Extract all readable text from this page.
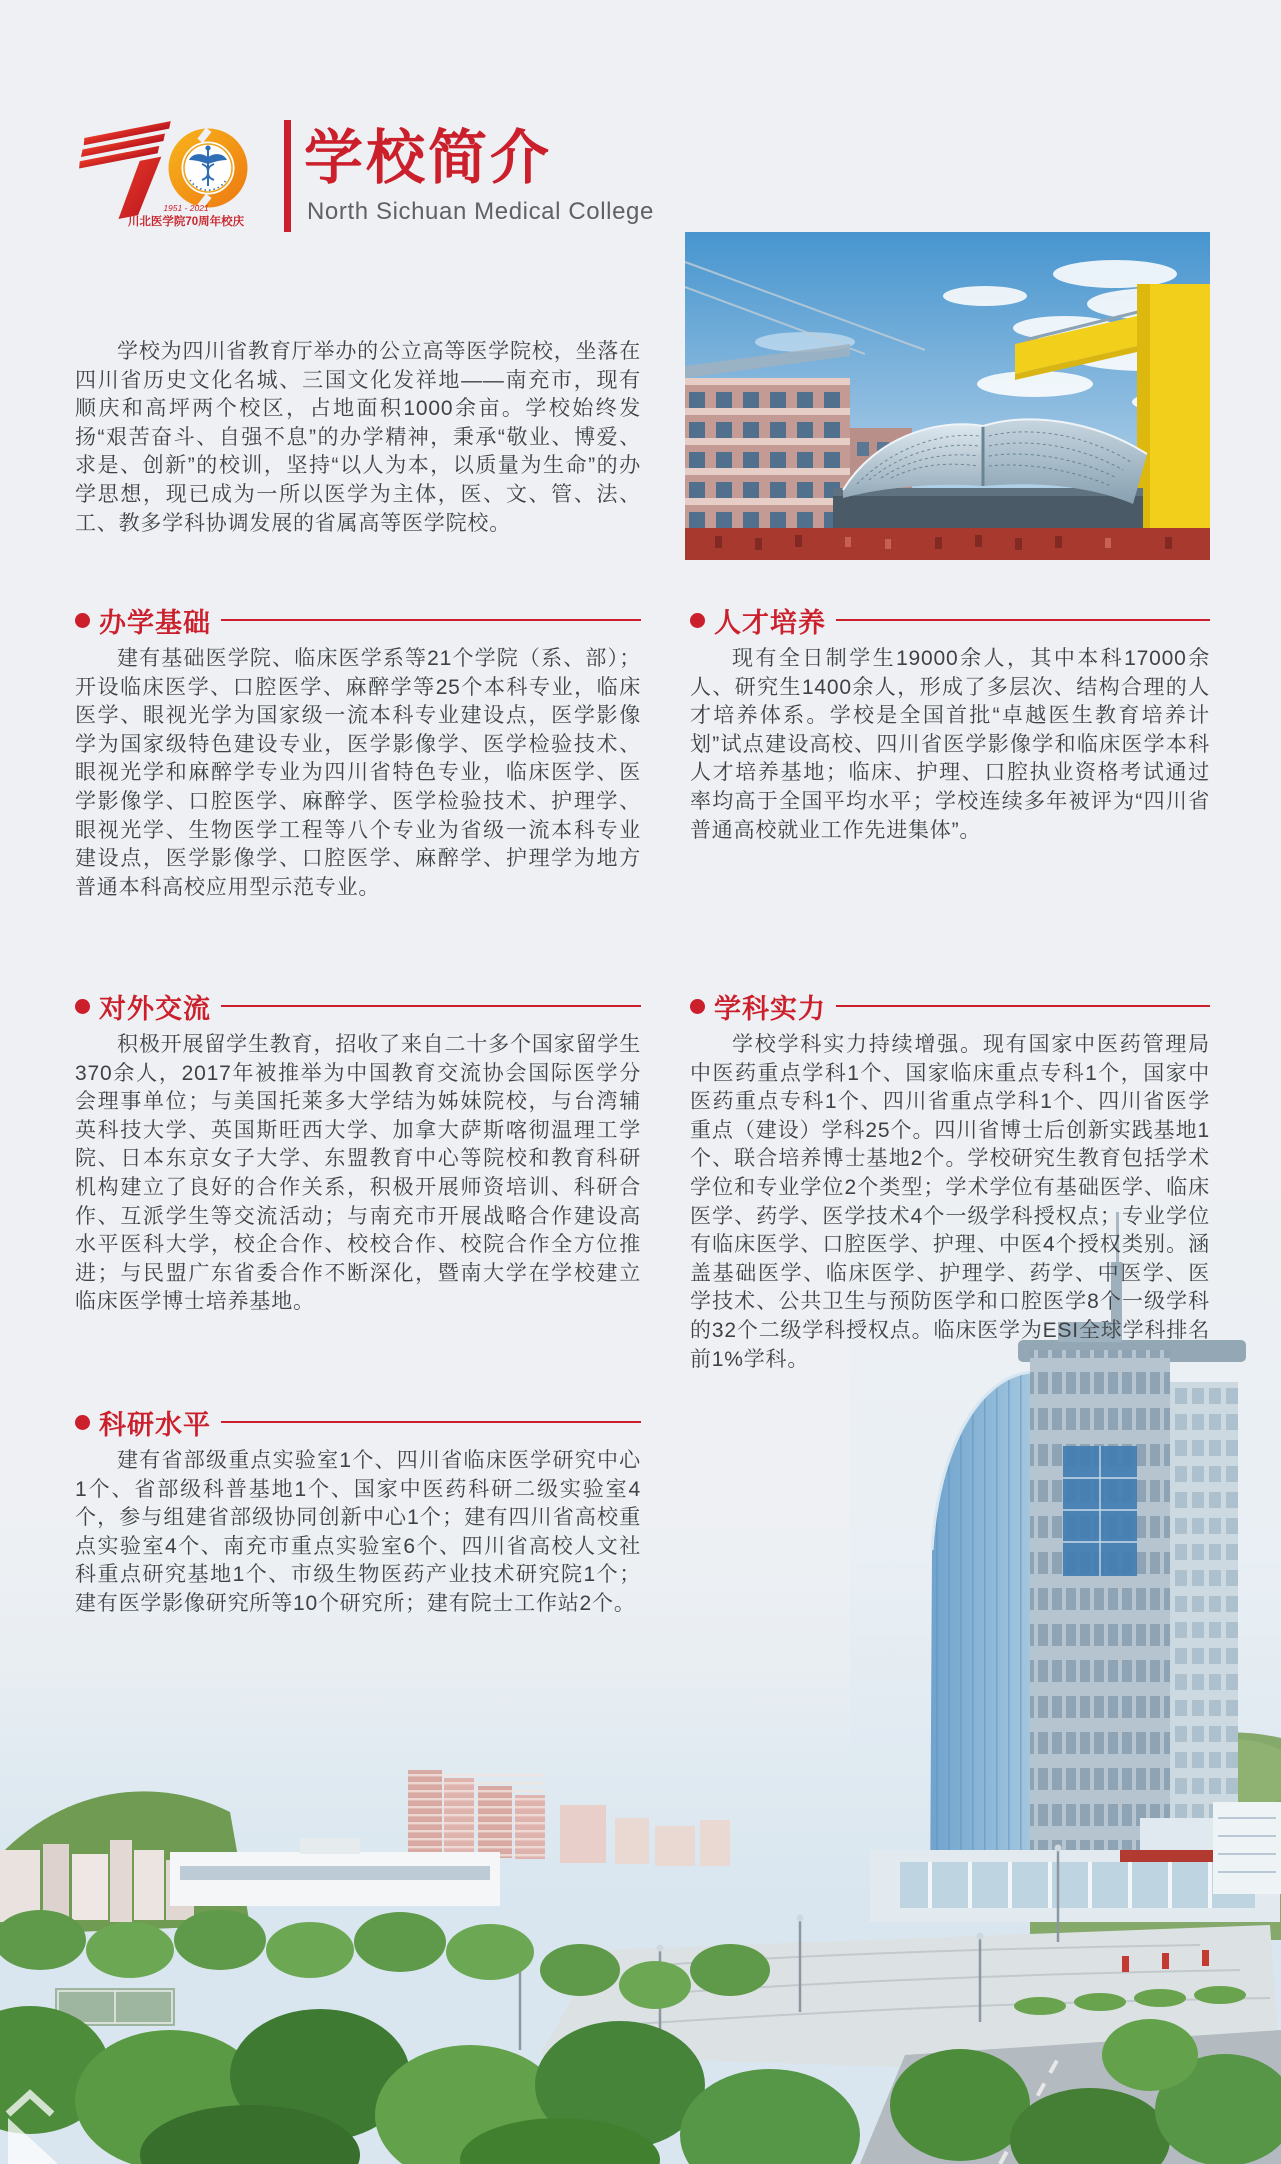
1951 - 2021
川北医学院70周年校庆
学校简介
North Sichuan Medical College

学校为四川省教育厅举办的公立高等医学院校，坐落在四川省历史文化名城、三国文化发祥地——南充市，现有顺庆和高坪两个校区，占地面积1000余亩。学校始终发扬“艰苦奋斗、自强不息”的办学精神，秉承“敬业、博爱、求是、创新”的校训，坚持“以人为本，以质量为生命”的办学思想，现已成为一所以医学为主体，医、文、管、法、工、教多学科协调发展的省属高等医学院校。

办学基础

建有基础医学院、临床医学系等21个学院（系、部）；开设临床医学、口腔医学、麻醉学等25个本科专业，临床医学、眼视光学为国家级一流本科专业建设点，医学影像学为国家级特色建设专业，医学影像学、医学检验技术、眼视光学和麻醉学专业为四川省特色专业，临床医学、医学影像学、口腔医学、麻醉学、医学检验技术、护理学、眼视光学、生物医学工程等八个专业为省级一流本科专业建设点，医学影像学、口腔医学、麻醉学、护理学为地方普通本科高校应用型示范专业。

人才培养

现有全日制学生19000余人，其中本科17000余人、研究生1400余人，形成了多层次、结构合理的人才培养体系。学校是全国首批“卓越医生教育培养计划”试点建设高校、四川省医学影像学和临床医学本科人才培养基地；临床、护理、口腔执业资格考试通过率均高于全国平均水平；学校连续多年被评为“四川省普通高校就业工作先进集体”。

对外交流

积极开展留学生教育，招收了来自二十多个国家留学生370余人，2017年被推举为中国教育交流协会国际医学分会理事单位；与美国托莱多大学结为姊妹院校，与台湾辅英科技大学、英国斯旺西大学、加拿大萨斯喀彻温理工学院、日本东京女子大学、东盟教育中心等院校和教育科研机构建立了良好的合作关系，积极开展师资培训、科研合作、互派学生等交流活动；与南充市开展战略合作建设高水平医科大学，校企合作、校校合作、校院合作全方位推进；与民盟广东省委合作不断深化，暨南大学在学校建立临床医学博士培养基地。

学科实力

学校学科实力持续增强。现有国家中医药管理局中医药重点学科1个、国家临床重点专科1个，国家中医药重点专科1个、四川省重点学科1个、四川省医学重点（建设）学科25个。四川省博士后创新实践基地1个、联合培养博士基地2个。学校研究生教育包括学术学位和专业学位2个类型；学术学位有基础医学、临床医学、药学、医学技术4个一级学科授权点；专业学位有临床医学、口腔医学、护理、中医4个授权类别。涵盖基础医学、临床医学、护理学、药学、中医学、医学技术、公共卫生与预防医学和口腔医学8个一级学科的32个二级学科授权点。临床医学为ESI全球学科排名前1%学科。

科研水平

建有省部级重点实验室1个、四川省临床医学研究中心1个、省部级科普基地1个、国家中医药科研二级实验室4个，参与组建省部级协同创新中心1个；建有四川省高校重点实验室4个、南充市重点实验室6个、四川省高校人文社科重点研究基地1个、市级生物医药产业技术研究院1个；建有医学影像研究所等10个研究所；建有院士工作站2个。
